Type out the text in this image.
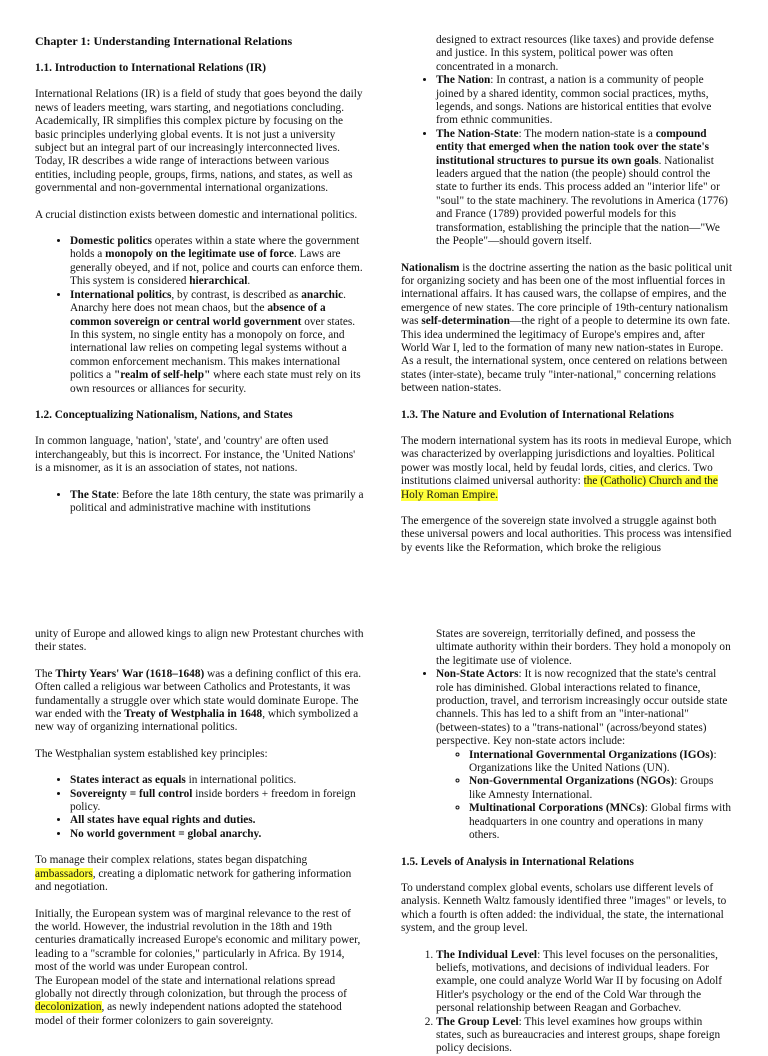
Chapter 1: Understanding International Relations
1.1. Introduction to International Relations (IR)

International Relations (IR) is a field of study that goes beyond the daily news of leaders meeting, wars starting, and negotiations concluding. Academically, IR simplifies this complex picture by focusing on the basic principles underlying global events. It is not just a university subject but an integral part of our increasingly interconnected lives. Today, IR describes a wide range of interactions between various entities, including people, groups, firms, nations, and states, as well as governmental and non-governmental international organizations.

A crucial distinction exists between domestic and international politics.

• Domestic politics operates within a state where the government holds a monopoly on the legitimate use of force. Laws are generally obeyed, and if not, police and courts can enforce them. This system is considered hierarchical.
• International politics, by contrast, is described as anarchic. Anarchy here does not mean chaos, but the absence of a common sovereign or central world government over states. In this system, no single entity has a monopoly on force, and international law relies on competing legal systems without a common enforcement mechanism. This makes international politics a "realm of self-help" where each state must rely on its own resources or alliances for security.
1.2. Conceptualizing Nationalism, Nations, and States

In common language, 'nation', 'state', and 'country' are often used interchangeably, but this is incorrect. For instance, the 'United Nations' is a misnomer, as it is an association of states, not nations.

• The State: Before the late 18th century, the state was primarily a political and administrative machine with institutions
designed to extract resources (like taxes) and provide defense and justice. In this system, political power was often concentrated in a monarch.
• The Nation: In contrast, a nation is a community of people joined by a shared identity, common social practices, myths, legends, and songs. Nations are historical entities that evolve from ethnic communities.
• The Nation-State: The modern nation-state is a compound entity that emerged when the nation took over the state's institutional structures to pursue its own goals. Nationalist leaders argued that the nation (the people) should control the state to further its ends. This process added an "interior life" or "soul" to the state machinery. The revolutions in America (1776) and France (1789) provided powerful models for this transformation, establishing the principle that the nation—"We the People"—should govern itself.

Nationalism is the doctrine asserting the nation as the basic political unit for organizing society and has been one of the most influential forces in international affairs. It has caused wars, the collapse of empires, and the emergence of new states. The core principle of 19th-century nationalism was self-determination—the right of a people to determine its own fate. This idea undermined the legitimacy of Europe's empires and, after World War I, led to the formation of many new nation-states in Europe. As a result, the international system, once centered on relations between states (inter-state), became truly "inter-national," concerning relations between nation-states.

1.3. The Nature and Evolution of International Relations

The modern international system has its roots in medieval Europe, which was characterized by overlapping jurisdictions and loyalties. Political power was mostly local, held by feudal lords, cities, and clerics. Two institutions claimed universal authority: the (Catholic) Church and the Holy Roman Empire.

The emergence of the sovereign state involved a struggle against both these universal powers and local authorities. This process was intensified by events like the Reformation, which broke the religious

unity of Europe and allowed kings to align new Protestant churches with their states.

The Thirty Years' War (1618–1648) was a defining conflict of this era. Often called a religious war between Catholics and Protestants, it was fundamentally a struggle over which state would dominate Europe. The war ended with the Treaty of Westphalia in 1648, which symbolized a new way of organizing international politics.

The Westphalian system established key principles:

• States interact as equals in international politics.
• Sovereignty = full control inside borders + freedom in foreign policy.
• All states have equal rights and duties.
• No world government = global anarchy.

To manage their complex relations, states began dispatching ambassadors, creating a diplomatic network for gathering information and negotiation.

Initially, the European system was of marginal relevance to the rest of the world. However, the industrial revolution in the 18th and 19th centuries dramatically increased Europe's economic and military power, leading to a "scramble for colonies," particularly in Africa. By 1914, most of the world was under European control.

The European model of the state and international relations spread globally not directly through colonization, but through the process of decolonization, as newly independent nations adopted the statehood model of their former colonizers to gain sovereignty.

States are sovereign, territorially defined, and possess the ultimate authority within their borders. They hold a monopoly on the legitimate use of violence.
• Non-State Actors: It is now recognized that the state's central role has diminished. Global interactions related to finance, production, travel, and terrorism increasingly occur outside state channels. This has led to a shift from an "inter-national" (between-states) to a "trans-national" (across/beyond states) perspective. Key non-state actors include:
◦ International Governmental Organizations (IGOs): Organizations like the United Nations (UN).
◦ Non-Governmental Organizations (NGOs): Groups like Amnesty International.
◦ Multinational Corporations (MNCs): Global firms with headquarters in one country and operations in many others.
1.5. Levels of Analysis in International Relations

To understand complex global events, scholars use different levels of analysis. Kenneth Waltz famously identified three "images" or levels, to which a fourth is often added: the individual, the state, the international system, and the group level.

1. The Individual Level: This level focuses on the personalities, beliefs, motivations, and decisions of individual leaders. For example, one could analyze World War II by focusing on Adolf Hitler's psychology or the end of the Cold War through the personal relationship between Reagan and Gorbachev.
2. The Group Level: This level examines how groups within states, such as bureaucracies and interest groups, shape foreign policy decisions.
